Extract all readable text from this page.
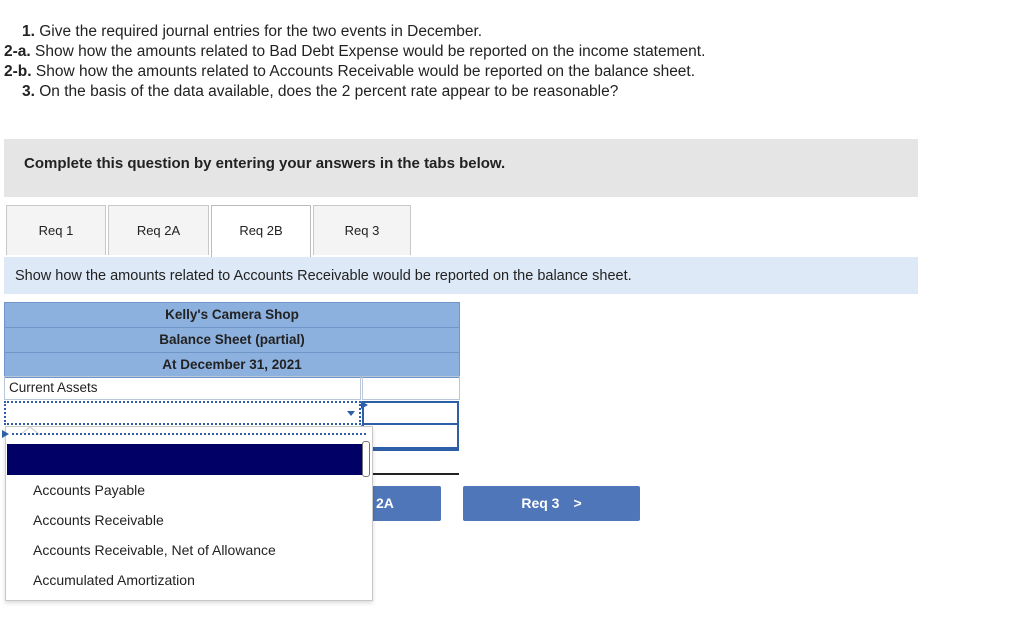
1. Give the required journal entries for the two events in December.
2-a. Show how the amounts related to Bad Debt Expense would be reported on the income statement.
2-b. Show how the amounts related to Accounts Receivable would be reported on the balance sheet.
3. On the basis of the data available, does the 2 percent rate appear to be reasonable?
Complete this question by entering your answers in the tabs below.
Req 1	Req 2A	Req 2B	Req 3
Show how the amounts related to Accounts Receivable would be reported on the balance sheet.
Kelly's Camera Shop
Balance Sheet (partial)
At December 31, 2021
Current Assets
2A	Req 3 >
Accounts Payable
Accounts Receivable
Accounts Receivable, Net of Allowance
Accumulated Amortization
